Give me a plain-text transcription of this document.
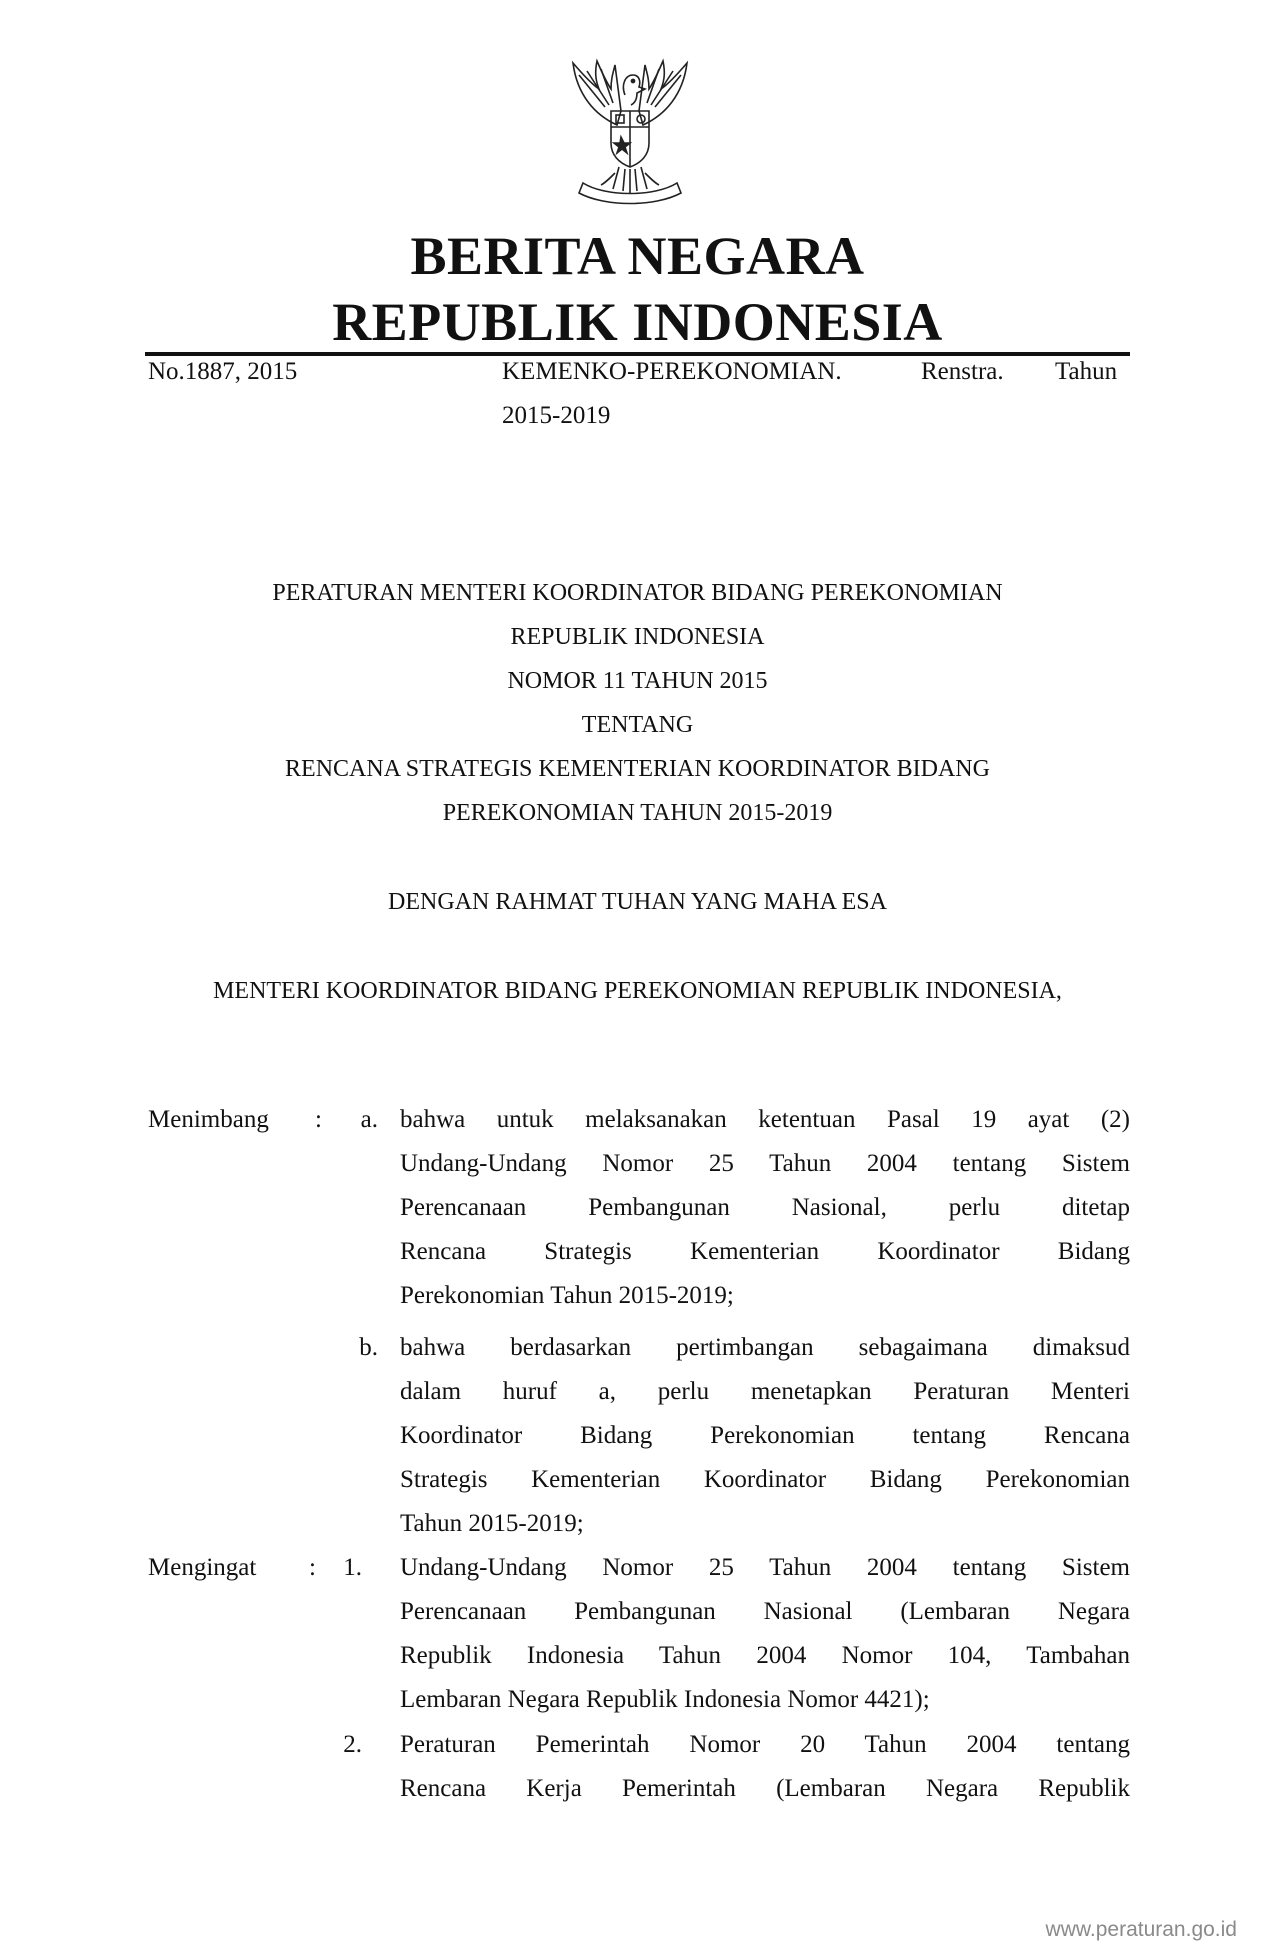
BERITA NEGARA
REPUBLIK INDONESIA
No.1887, 2015	KEMENKO-PEREKONOMIAN.	Renstra. Tahun
2015-2019
PERATURAN MENTERI KOORDINATOR BIDANG PEREKONOMIAN
REPUBLIK INDONESIA
NOMOR 11 TAHUN 2015
TENTANG
RENCANA STRATEGIS KEMENTERIAN KOORDINATOR BIDANG
PEREKONOMIAN TAHUN 2015-2019
DENGAN RAHMAT TUHAN YANG MAHA ESA
MENTERI KOORDINATOR BIDANG PEREKONOMIAN REPUBLIK INDONESIA,
Menimbang :	a. bahwa untuk melaksanakan ketentuan Pasal 19 ayat (2)
Undang-Undang Nomor 25 Tahun 2004 tentang Sistem
Perencanaan Pembangunan Nasional, perlu ditetap
Rencana Strategis Kementerian Koordinator Bidang
Perekonomian Tahun 2015-2019;
b. bahwa berdasarkan pertimbangan sebagaimana dimaksud
dalam huruf a, perlu menetapkan Peraturan Menteri
Koordinator Bidang Perekonomian tentang Rencana
Strategis Kementerian Koordinator Bidang Perekonomian
Tahun 2015-2019;
Mengingat :	1. Undang-Undang Nomor 25 Tahun 2004 tentang Sistem
Perencanaan Pembangunan Nasional (Lembaran Negara
Republik Indonesia Tahun 2004 Nomor 104, Tambahan
Lembaran Negara Republik Indonesia Nomor 4421);
2. Peraturan Pemerintah Nomor 20 Tahun 2004 tentang
Rencana Kerja Pemerintah (Lembaran Negara Republik
www.peraturan.go.id
